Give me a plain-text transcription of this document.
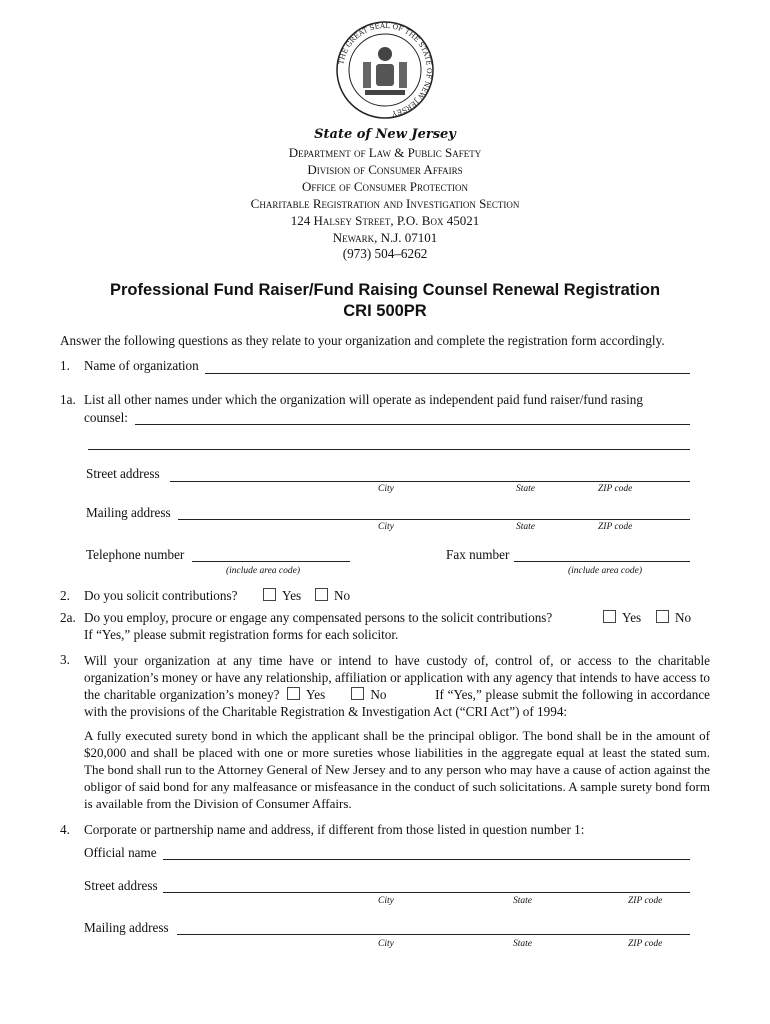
THE GREAT SEAL OF THE STATE OF NEW JERSEY
State of New Jersey
Department of Law & Public Safety
Division of Consumer Affairs
Office of Consumer Protection
Charitable Registration and Investigation Section
124 Halsey Street, P.O. Box 45021
Newark, N.J. 07101
(973) 504–6262
Professional Fund Raiser/Fund Raising Counsel Renewal Registration
CRI 500PR
Answer the following questions as they relate to your organization and complete the registration form accordingly.
1. Name of organization
1a. List all other names under which the organization will operate as independent paid fund raiser/fund rasing
counsel:
Street address
City	State	ZIP code
Mailing address
City	State	ZIP code
Telephone number
(include area code)
Fax number
(include area code)
2. Do you solicit contributions?	Yes	No
2a. Do you employ, procure or engage any compensated persons to the solicit contributions?	Yes	No
If “Yes,” please submit registration forms for each solicitor.
3. Will your organization at any time have or intend to have custody of, control of, or access to the charitable organization’s money or have any relationship, affiliation or application with any agency that intends to have access to the charitable organization’s money? Yes	No	If “Yes,” please submit the following in accordance with the provisions of the Charitable Registration & Investigation Act (“CRI Act”) of 1994:
A fully executed surety bond in which the applicant shall be the principal obligor. The bond shall be in the amount of $20,000 and shall be placed with one or more sureties whose liabilities in the aggregate equal at least the stated sum. The bond shall run to the Attorney General of New Jersey and to any person who may have a cause of action against the obligor of said bond for any malfeasance or misfeasance in the conduct of such solicitations. A sample surety bond form is available from the Division of Consumer Affairs.
4. Corporate or partnership name and address, if different from those listed in question number 1:
Official name
Street address
City	State	ZIP code
Mailing address
City	State	ZIP code
